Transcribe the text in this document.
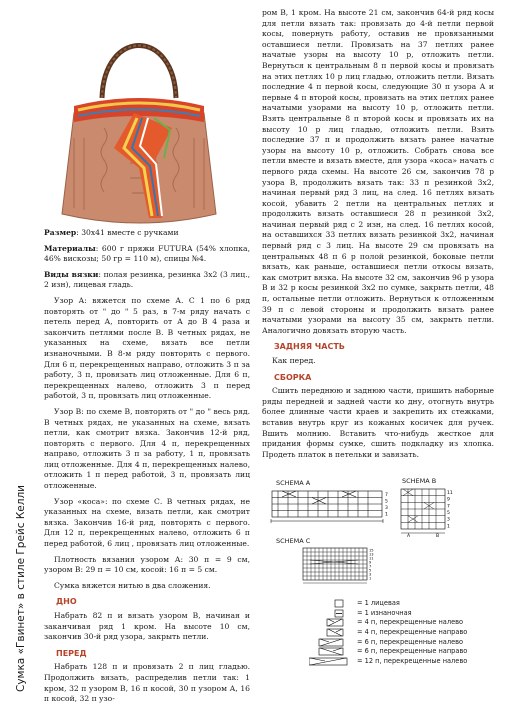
Сумка «Гвинет» в стиле Грейс Келли

Размер: 30х41 вместе с ручками

Материалы: 600 г пряжи FUTURA (54% хлопка, 46% вискозы; 50 гр = 110 м), спицы №4.

Виды вязки: полая резинка, резинка 3х2 (3 лиц., 2 изн), лицевая гладь.

Узор А: вяжется по схеме А. С 1 по 6 ряд повторять от " до " 5 раз, в 7-м ряду начать с петель перед А, повторить от А до В 4 раза и закончить петлями после В. В четных рядах, не указанных на схеме, вязать все петли изнаночными. В 8-м ряду повторять с первого. Для 6 п, перекрещенных направо, отложить 3 п за работу, 3 п, провязать лиц отложенные. Для 6 п, перекрещенных налево, отложить 3 п перед работой, 3 п, провязать лиц отложенные.

Узор В: по схеме В, повторять от " до " весь ряд. В четных рядах, не указанных на схеме, вязать петли, как смотрит вязка. Закончив 12-й ряд, повторять с первого. Для 4 п, перекрещенных направо, отложить 3 п за работу, 1 п, провязать лиц отложенные. Для 4 п, перекрещенных налево, отложить 1 п перед работой, 3 п, провязать лиц отложенные.

Узор «коса»: по схеме С. В четных рядах, не указанных на схеме, вязать петли, как смотрит вязка. Закончив 16-й ряд, повторять с первого. Для 12 п, перекрещенных налево, отложить 6 п перед работой, 6 лиц , провязать лиц отложенные.

Плотность вязания узором А: 30 п = 9 см, узором В: 29 п = 10 см, косой: 16 п = 5 см.

Сумка вяжется нитью в два сложения.

ДНО

Набрать 82 п и вязать узором В, начиная и заканчивая ряд 1 кром. На высоте 10 см, закончив 30-й ряд узора, закрыть петли.

ПЕРЕД

Набрать 128 п и провязать 2 п лиц гладью. Продолжить вязать, распределив петли так: 1 кром, 32 п узором В, 16 п косой, 30 п узором А, 16 п косой, 32 п узо-

ром В, 1 кром. На высоте 21 см, закончив 64-й ряд косы для петли вязать так: провязать до 4-й петли первой косы, повернуть работу, оставив не провязанными оставшиеся петли. Провязать на 37 петлях ранее начатые узоры на высоту 10 р, отложить петли. Вернуться к центральным 8 п первой косы и провязать на этих петлях 10 р лиц гладью, отложить петли. Вязать последние 4 п первой косы, следующие 30 п узора А и первые 4 п второй косы, провязать на этих петлях ранее начатыми узорами на высоту 10 р, отложить петли. Взять центральные 8 п второй косы и провязать их на высоту 10 р лиц гладью, отложить петли. Взять последние 37 п и продолжить вязать ранее начатые узоры на высоту 10 р, отложить. Собрать снова все петли вместе и вязать вместе, для узора «коса» начать с первого ряда схемы. На высоте 26 см, закончив 78 р узора В, продолжить вязать так: 33 п резинкой 3х2, начиная первый ряд 3 лиц, на след. 16 петлях вязать косой, убавить 2 петли на центральных петлях и продолжить вязать оставшиеся 28 п резинкой 3х2, начиная первый ряд с 2 изн, на след. 16 петлях косой, на оставшихся 33 петлях вязать резинкой 3х2, начиная первый ряд с 3 лиц. На высоте 29 см провязать на центральных 48 п 6 р полой резинкой, боковые петли вязать, как раньше, оставшиеся петли откосы вязать, как смотрит вязка. На высоте 32 см, закончив 96 р узора В и 32 р косы резинкой 3х2 по сумке, закрыть петли, 48 п, остальные петли отложить. Вернуться к отложенным 39 п с левой стороны и продолжить вязать ранее начатыми узорами на высоту 35 см, закрыть петли. Аналогично довязать вторую часть.

ЗАДНЯЯ ЧАСТЬ

Как перед.

СБОРКА

Сшить переднюю и заднюю части, пришить наборные ряды передней и задней части ко дну, отогнуть внутрь более длинные части краев и закрепить их стежками, вставив внутрь круг из кожаных косичек для ручек. Вшить молнию. Вставить что-нибудь жесткое для придания формы сумке, сшить подкладку из хлопка. Продеть платок в петельки и завязать.

SCHEMA A
7
5
3
1
SCHEMA B
11
9
7
5
3
1
A	B
SCHEMA C
15
13
11
9
7
5
3
1
= 1 лицевая
= 1 изнаночная
= 4 п, перекрещенные налево
= 4 п, перекрещенные направо
= 6 п, перекрещенные налево
= 6 п, перекрещенные направо
= 12 п, перекрещенные налево
